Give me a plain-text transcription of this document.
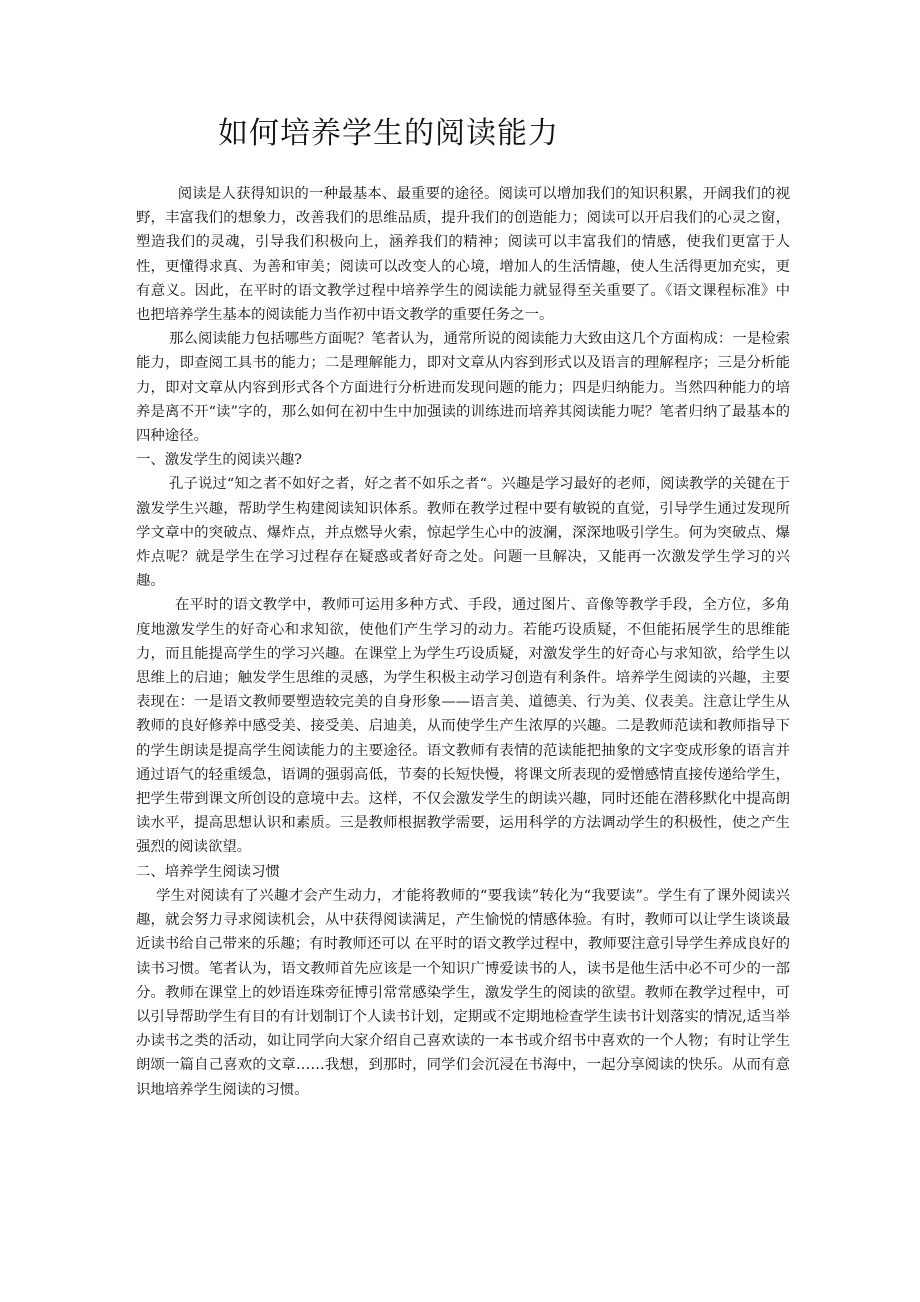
如何培养学生的阅读能力

阅读是人获得知识的一种最基本、最重要的途径。阅读可以增加我们的知识积累，开阔我们的视野，丰富我们的想象力，改善我们的思维品质，提升我们的创造能力；阅读可以开启我们的心灵之窗，塑造我们的灵魂，引导我们积极向上，涵养我们的精神；阅读可以丰富我们的情感，使我们更富于人性，更懂得求真、为善和审美；阅读可以改变人的心境，增加人的生活情趣，使人生活得更加充实，更有意义。因此，在平时的语文教学过程中培养学生的阅读能力就显得至关重要了。《语文课程标准》中也把培养学生基本的阅读能力当作初中语文教学的重要任务之一。

那么阅读能力包括哪些方面呢？笔者认为，通常所说的阅读能力大致由这几个方面构成：一是检索能力，即查阅工具书的能力；二是理解能力，即对文章从内容到形式以及语言的理解程序；三是分析能力，即对文章从内容到形式各个方面进行分析进而发现问题的能力；四是归纳能力。当然四种能力的培养是离不开“读”字的，那么如何在初中生中加强读的训练进而培养其阅读能力呢？笔者归纳了最基本的四种途径。

一、激发学生的阅读兴趣?

孔子说过“知之者不如好之者，好之者不如乐之者“。兴趣是学习最好的老师，阅读教学的关键在于激发学生兴趣，帮助学生构建阅读知识体系。教师在教学过程中要有敏锐的直觉，引导学生通过发现所学文章中的突破点、爆炸点，并点燃导火索，惊起学生心中的波澜，深深地吸引学生。何为突破点、爆炸点呢？就是学生在学习过程存在疑惑或者好奇之处。问题一旦解决，又能再一次激发学生学习的兴趣。

在平时的语文教学中，教师可运用多种方式、手段，通过图片、音像等教学手段，全方位，多角度地激发学生的好奇心和求知欲，使他们产生学习的动力。若能巧设质疑，不但能拓展学生的思维能力，而且能提高学生的学习兴趣。在课堂上为学生巧设质疑，对激发学生的好奇心与求知欲，给学生以思维上的启迪；触发学生思维的灵感，为学生积极主动学习创造有利条件。培养学生阅读的兴趣，主要表现在：一是语文教师要塑造较完美的自身形象——语言美、道德美、行为美、仪表美。注意让学生从教师的良好修养中感受美、接受美、启迪美，从而使学生产生浓厚的兴趣。二是教师范读和教师指导下的学生朗读是提高学生阅读能力的主要途径。语文教师有表情的范读能把抽象的文字变成形象的语言并通过语气的轻重缓急，语调的强弱高低，节奏的长短快慢，将课文所表现的爱憎感情直接传递给学生，把学生带到课文所创设的意境中去。这样，不仅会激发学生的朗读兴趣，同时还能在潜移默化中提高朗读水平，提高思想认识和素质。三是教师根据教学需要，运用科学的方法调动学生的积极性，使之产生强烈的阅读欲望。

二、培养学生阅读习惯

学生对阅读有了兴趣才会产生动力，才能将教师的“要我读”转化为“我要读”。学生有了课外阅读兴趣，就会努力寻求阅读机会，从中获得阅读满足，产生愉悦的情感体验。有时，教师可以让学生谈谈最近读书给自己带来的乐趣；有时教师还可以 在平时的语文教学过程中，教师要注意引导学生养成良好的读书习惯。笔者认为，语文教师首先应该是一个知识广博爱读书的人，读书是他生活中必不可少的一部分。教师在课堂上的妙语连珠旁征博引常常感染学生，激发学生的阅读的欲望。教师在教学过程中，可以引导帮助学生有目的有计划制订个人读书计划，定期或不定期地检查学生读书计划落实的情况,适当举办读书之类的活动，如让同学向大家介绍自己喜欢读的一本书或介绍书中喜欢的一个人物；有时让学生朗颂一篇自己喜欢的文章……我想，到那时，同学们会沉浸在书海中，一起分享阅读的快乐。从而有意识地培养学生阅读的习惯。
